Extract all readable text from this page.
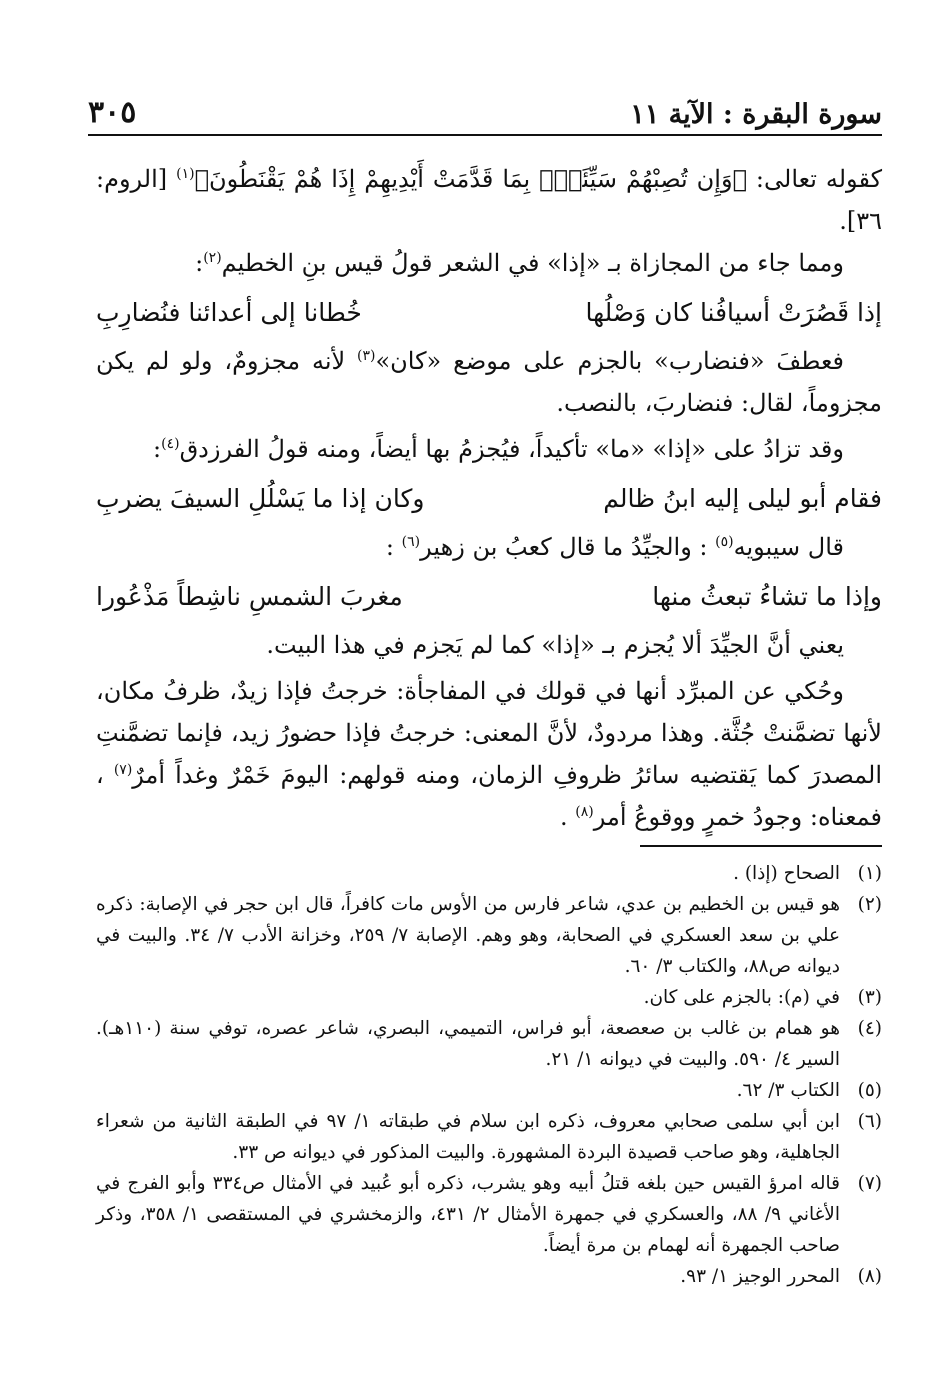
٣٠٥	سورة البقرة : الآية ١١

كقوله تعالى: ﴿وَإِن تُصِبْهُمْ سَيِّئَةٌۢ بِمَا قَدَّمَتْ أَيْدِيهِمْ إِذَا هُمْ يَقْنَطُونَ﴾$^{(١)}$ [الروم: ٣٦].

ومما جاء من المجازاة بـ «إذا» في الشعر قولُ قيس بنِ الخطيم$^{(٢)}$:

إذا قَصُرَتْ أسيافُنا كان وَصْلُها
خُطانا إلى أعدائنا فنُضارِبِ

فعطفَ «فنضارب» بالجزم على موضع «كان»$^{(٣)}$ لأنه مجزومٌ، ولو لم يكن مجزوماً، لقال: فنضاربَ، بالنصب.

وقد تزادُ على «إذا» «ما» تأكيداً، فيُجزمُ بها أيضاً، ومنه قولُ الفرزدق$^{(٤)}$:

فقام أبو ليلى إليه ابنُ ظالم
وكان إذا ما يَسْلُلِ السيفَ يضربِ

قال سيبويه$^{(٥)}$ : والجيِّدُ ما قال كعبُ بن زهير$^{(٦)}$ :

وإذا ما تشاءُ تبعثُ منها
مغربَ الشمسِ ناشِطاً مَذْعُورا

يعني أنَّ الجيِّدَ ألا يُجزم بـ «إذا» كما لم يَجزم في هذا البيت.

وحُكي عن المبرِّد أنها في قولك في المفاجأة: خرجتُ فإذا زيدٌ، ظرفُ مكان، لأنها تضمَّنتْ جُثَّة. وهذا مردودٌ، لأنَّ المعنى: خرجتُ فإذا حضورُ زيد، فإنما تضمَّنتِ المصدرَ كما يَقتضيه سائرُ ظروفِ الزمان، ومنه قولهم: اليومَ خَمْرٌ وغداً أمرٌ$^{(٧)}$ ، فمعناه: وجودُ خمرٍ ووقوعُ أمر$^{(٨)}$ .

(١)
الصحاح (إذا) .
(٢)
هو قيس بن الخطيم بن عدي، شاعر فارس من الأوس مات كافراً، قال ابن حجر في الإصابة: ذكره علي بن سعد العسكري في الصحابة، وهو وهم. الإصابة ٧/ ٢٥٩، وخزانة الأدب ٧/ ٣٤. والبيت في ديوانه ص٨٨، والكتاب ٣/ ٦٠.
(٣)
في (م): بالجزم على كان.
(٤)
هو همام بن غالب بن صعصعة، أبو فراس، التميمي، البصري، شاعر عصره، توفي سنة (١١٠هـ). السير ٤/ ٥٩٠. والبيت في ديوانه ١/ ٢١.
(٥)
الكتاب ٣/ ٦٢.
(٦)
ابن أبي سلمى صحابي معروف، ذكره ابن سلام في طبقاته ١/ ٩٧ في الطبقة الثانية من شعراء الجاهلية، وهو صاحب قصيدة البردة المشهورة. والبيت المذكور في ديوانه ص ٣٣.
(٧)
قاله امرؤ القيس حين بلغه قتلُ أبيه وهو يشرب، ذكره أبو عُبيد في الأمثال ص٣٣٤ وأبو الفرج في الأغاني ٩/ ٨٨، والعسكري في جمهرة الأمثال ٢/ ٤٣١، والزمخشري في المستقصى ١/ ٣٥٨، وذكر صاحب الجمهرة أنه لهمام بن مرة أيضاً.
(٨)
المحرر الوجيز ١/ ٩٣.
